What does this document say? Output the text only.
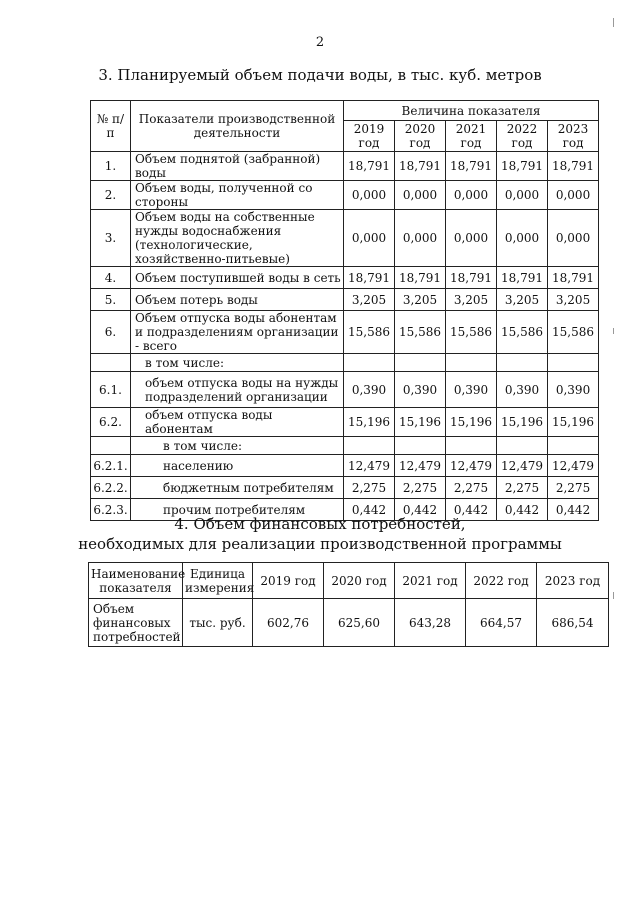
2
3. Планируемый объем подачи воды, в тыс. куб. метров
№ п/п	Показатели производственной деятельности	Величина показателя				
		2019 год	2020 год	2021 год	2022 год	2023 год
1.	Объем поднятой (забранной) воды	18,791	18,791	18,791	18,791	18,791
2.	Объем воды, полученной со стороны	0,000	0,000	0,000	0,000	0,000
3.	Объем воды на собственные нужды водоснабжения (технологические, хозяйственно-питьевые)	0,000	0,000	0,000	0,000	0,000
4.	Объем поступившей воды в сеть	18,791	18,791	18,791	18,791	18,791
5.	Объем потерь воды	3,205	3,205	3,205	3,205	3,205
6.	Объем отпуска воды абонентам и подразделениям организации - всего	15,586	15,586	15,586	15,586	15,586
	в том числе:					
6.1.	объем отпуска воды на нужды подразделений организации	0,390	0,390	0,390	0,390	0,390
6.2.	объем отпуска воды абонентам	15,196	15,196	15,196	15,196	15,196
	в том числе:					
6.2.1.	населению	12,479	12,479	12,479	12,479	12,479
6.2.2.	бюджетным потребителям	2,275	2,275	2,275	2,275	2,275
6.2.3.	прочим потребителям	0,442	0,442	0,442	0,442	0,442
4. Объем финансовых потребностей,
необходимых для реализации производственной программы
Наименование показателя	Единица измерения	2019 год	2020 год	2021 год	2022 год	2023 год
Объем финансовых потребностей	тыс. руб.	602,76	625,60	643,28	664,57	686,54
